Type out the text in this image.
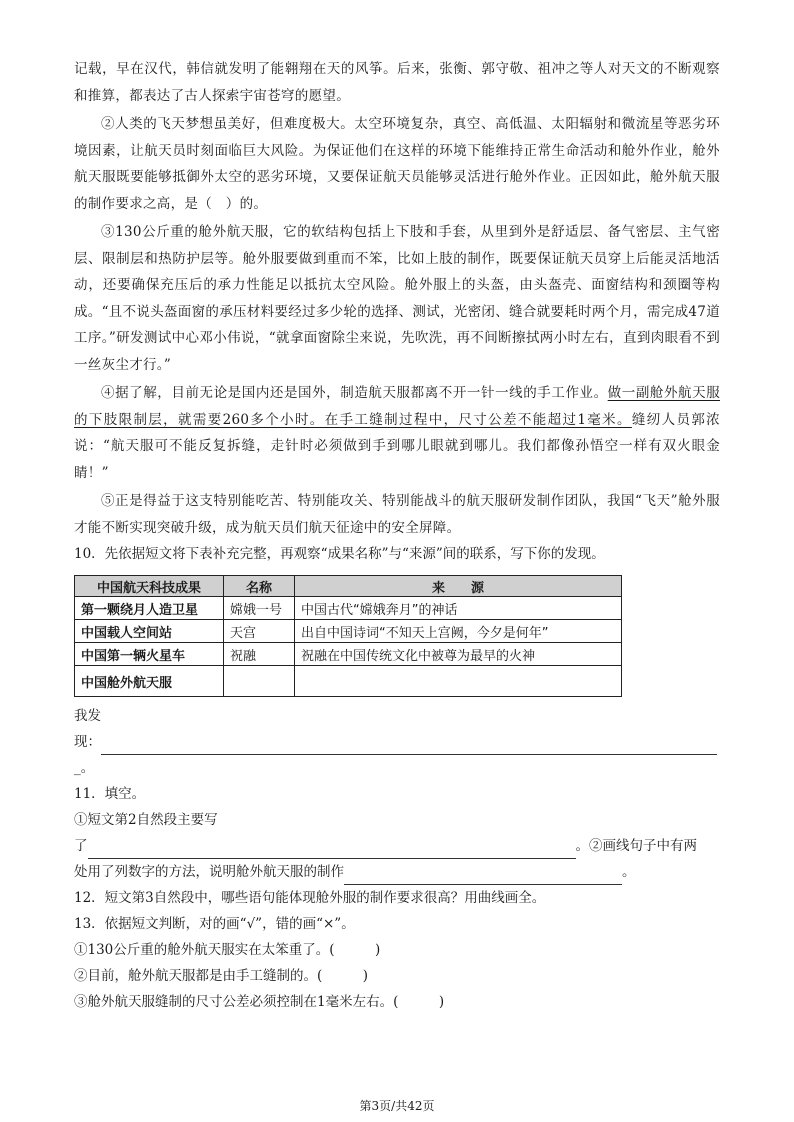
记载，早在汉代，韩信就发明了能翱翔在天的风筝。后来，张衡、郭守敬、祖冲之等人对天文的不断观察和推算，都表达了古人探索宇宙苍穹的愿望。

②人类的飞天梦想虽美好，但难度极大。太空环境复杂，真空、高低温、太阳辐射和微流星等恶劣环境因素，让航天员时刻面临巨大风险。为保证他们在这样的环境下能维持正常生命活动和舱外作业，舱外航天服既要能够抵御外太空的恶劣环境，又要保证航天员能够灵活进行舱外作业。正因如此，舱外航天服的制作要求之高，是（　）的。

③130公斤重的舱外航天服，它的软结构包括上下肢和手套，从里到外是舒适层、备气密层、主气密层、限制层和热防护层等。舱外服要做到重而不笨，比如上肢的制作，既要保证航天员穿上后能灵活地活动，还要确保充压后的承力性能足以抵抗太空风险。舱外服上的头盔，由头盔壳、面窗结构和颈圈等构成。“且不说头盔面窗的承压材料要经过多少轮的选择、测试，光密闭、缝合就要耗时两个月，需完成47道工序。”研发测试中心邓小伟说，“就拿面窗除尘来说，先吹洗，再不间断擦拭两小时左右，直到肉眼看不到一丝灰尘才行。”

④据了解，目前无论是国内还是国外，制造航天服都离不开一针一线的手工作业。做一副舱外航天服的下肢限制层，就需要260多个小时。在手工缝制过程中，尺寸公差不能超过1毫米。缝纫人员郭浓说：“航天服可不能反复拆缝，走针时必须做到手到哪儿眼就到哪儿。我们都像孙悟空一样有双火眼金睛！”

⑤正是得益于这支特别能吃苦、特别能攻关、特别能战斗的航天服研发制作团队，我国“飞天”舱外服才能不断实现突破升级，成为航天员们航天征途中的安全屏障。

10．先依据短文将下表补充完整，再观察“成果名称”与“来源”间的联系，写下你的发现。

中国航天科技成果	名称	来　　源
第一颗绕月人造卫星	嫦娥一号	中国古代“嫦娥奔月”的神话
中国载人空间站	天宫	出自中国诗词“不知天上宫阙，今夕是何年”
中国第一辆火星车	祝融	祝融在中国传统文化中被尊为最早的火神
中国舱外航天服		

我发

现：

_。

11．填空。

①短文第2自然段主要写

了	。②画线句子中有两

处用了列数字的方法，说明舱外航天服的制作	。

12．短文第3自然段中，哪些语句能体现舱外服的制作要求很高？用曲线画全。

13．依据短文判断，对的画“√”，错的画“×”。

①130公斤重的舱外航天服实在太笨重了。(　　　)

②目前，舱外航天服都是由手工缝制的。(　　　)

③舱外航天服缝制的尺寸公差必须控制在1毫米左右。(　　　)

第3页/共42页
